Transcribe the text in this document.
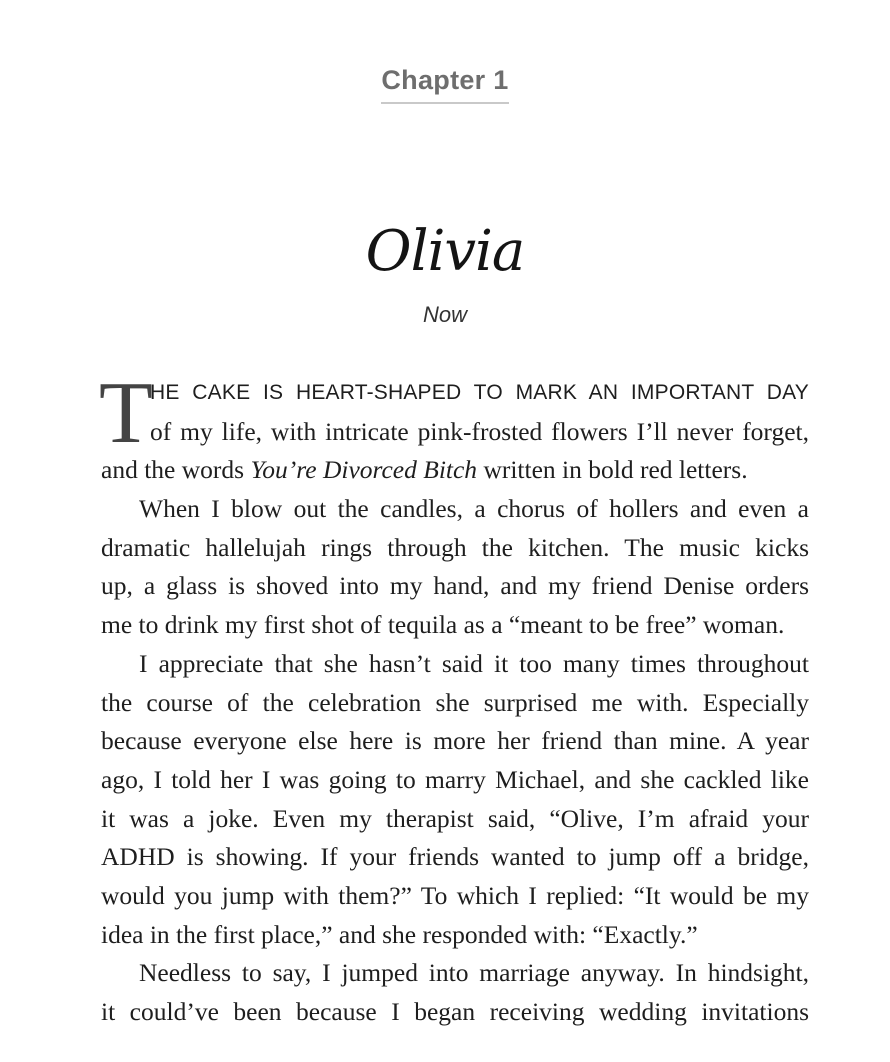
Chapter 1
Olivia
Now
T
HE CAKE IS HEART-SHAPED TO MARK AN IMPORTANT DAY
of my life, with intricate pink-frosted flowers I’ll never forget,
and the words You’re Divorced Bitch written in bold red letters.
When I blow out the candles, a chorus of hollers and even a
dramatic hallelujah rings through the kitchen. The music kicks
up, a glass is shoved into my hand, and my friend Denise orders
me to drink my first shot of tequila as a “meant to be free” woman.
I appreciate that she hasn’t said it too many times throughout
the course of the celebration she surprised me with. Especially
because everyone else here is more her friend than mine. A year
ago, I told her I was going to marry Michael, and she cackled like
it was a joke. Even my therapist said, “Olive, I’m afraid your
ADHD is showing. If your friends wanted to jump off a bridge,
would you jump with them?” To which I replied: “It would be my
idea in the first place,” and she responded with: “Exactly.”
Needless to say, I jumped into marriage anyway. In hindsight,
it could’ve been because I began receiving wedding invitations
